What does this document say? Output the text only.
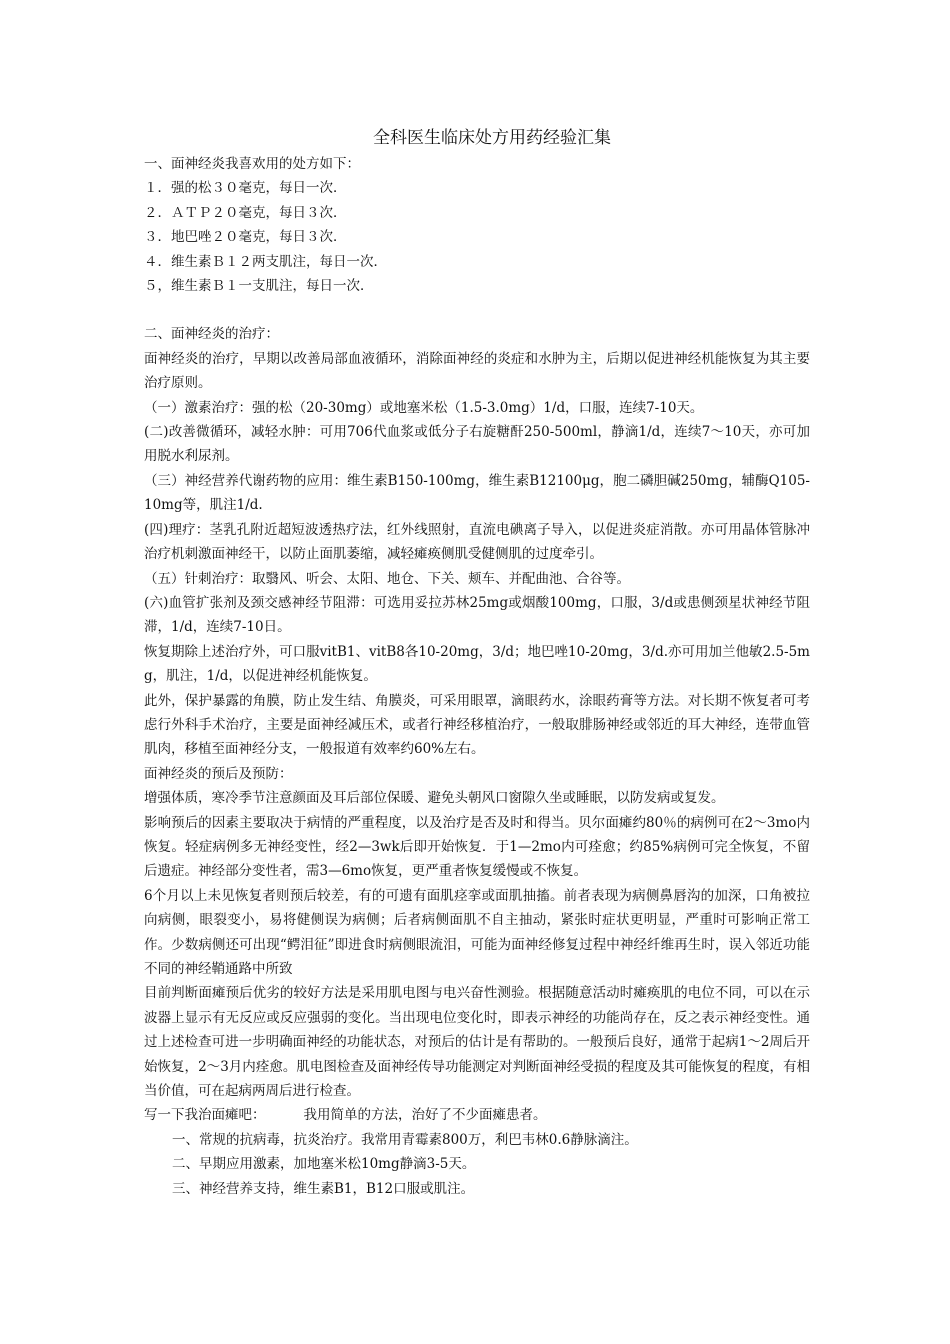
全科医生临床处方用药经验汇集
一、面神经炎我喜欢用的处方如下：
１．强的松３０毫克，每日一次．
２．ＡＴＰ２０毫克，每日３次．
３．地巴唑２０毫克，每日３次．
４．维生素Ｂ１２两支肌注，每日一次．
５，维生素Ｂ１一支肌注，每日一次．
二、面神经炎的治疗：

面神经炎的治疗，早期以改善局部血液循环，消除面神经的炎症和水肿为主，后期以促进神经机能恢复为其主要治疗原则。

（一）激素治疗：强的松（20-30mg）或地塞米松（1.5-3.0mg）1/d，口服，连续7-10天。

(二)改善微循环，减轻水肿：可用706代血浆或低分子右旋糖酐250-500ml，静滴1/d，连续7～10天，亦可加用脱水利尿剂。

（三）神经营养代谢药物的应用：维生素B150-100mg，维生素B12100μg，胞二磷胆碱250mg，辅酶Q105-10mg等，肌注1/d.

(四)理疗：茎乳孔附近超短波透热疗法，红外线照射，直流电碘离子导入，以促进炎症消散。亦可用晶体管脉冲治疗机刺激面神经干，以防止面肌萎缩，减轻瘫痪侧肌受健侧肌的过度牵引。

（五）针刺治疗：取翳风、听会、太阳、地仓、下关、颊车、并配曲池、合谷等。

(六)血管扩张剂及颈交感神经节阻滞：可选用妥拉苏林25mg或烟酸100mg，口服，3/d或患侧颈星状神经节阻滞，1/d，连续7-10日。

恢复期除上述治疗外，可口服vitB1、vitB8各10-20mg，3/d；地巴唑10-20mg，3/d.亦可用加兰他敏2.5-5mg，肌注，1/d，以促进神经机能恢复。

此外，保护暴露的角膜，防止发生结、角膜炎，可采用眼罩，滴眼药水，涂眼药膏等方法。对长期不恢复者可考虑行外科手术治疗，主要是面神经减压术，或者行神经移植治疗，一般取腓肠神经或邻近的耳大神经，连带血管肌肉，移植至面神经分支，一般报道有效率约60%左右。

面神经炎的预后及预防：

增强体质，寒冷季节注意颜面及耳后部位保暖、避免头朝风口窗隙久坐或睡眠，以防发病或复发。

影响预后的因素主要取决于病情的严重程度，以及治疗是否及时和得当。贝尔面瘫约80％的病例可在2～3mo内恢复。轻症病例多无神经变性，经2—3wk后即开始恢复．于1—2mo内可痊愈；约85%病例可完全恢复，不留后遗症。神经部分变性者，需3—6mo恢复，更严重者恢复缓慢或不恢复。

6个月以上未见恢复者则预后较差，有的可遗有面肌痉挛或面肌抽搐。前者表现为病侧鼻唇沟的加深，口角被拉向病侧，眼裂变小，易将健侧误为病侧；后者病侧面肌不自主抽动，紧张时症状更明显，严重时可影响正常工作。少数病侧还可出现“鳄泪征”即进食时病侧眼流泪，可能为面神经修复过程中神经纤维再生时，误入邻近功能不同的神经鞘通路中所致

目前判断面瘫预后优劣的较好方法是采用肌电图与电兴奋性测验。根据随意活动时瘫痪肌的电位不同，可以在示波器上显示有无反应或反应强弱的变化。当出现电位变化时，即表示神经的功能尚存在，反之表示神经变性。通过上述检查可进一步明确面神经的功能状态，对预后的估计是有帮助的。一般预后良好，通常于起病1～2周后开始恢复，2～3月内痊愈。肌电图检查及面神经传导功能测定对判断面神经受损的程度及其可能恢复的程度，有相当价值，可在起病两周后进行检查。

写一下我治面瘫吧：	我用简单的方法，治好了不少面瘫患者。
一、常规的抗病毒，抗炎治疗。我常用青霉素800万，利巴韦林0.6静脉滴注。
二、早期应用激素，加地塞米松10mg静滴3-5天。
三、神经营养支持，维生素B1，B12口服或肌注。
